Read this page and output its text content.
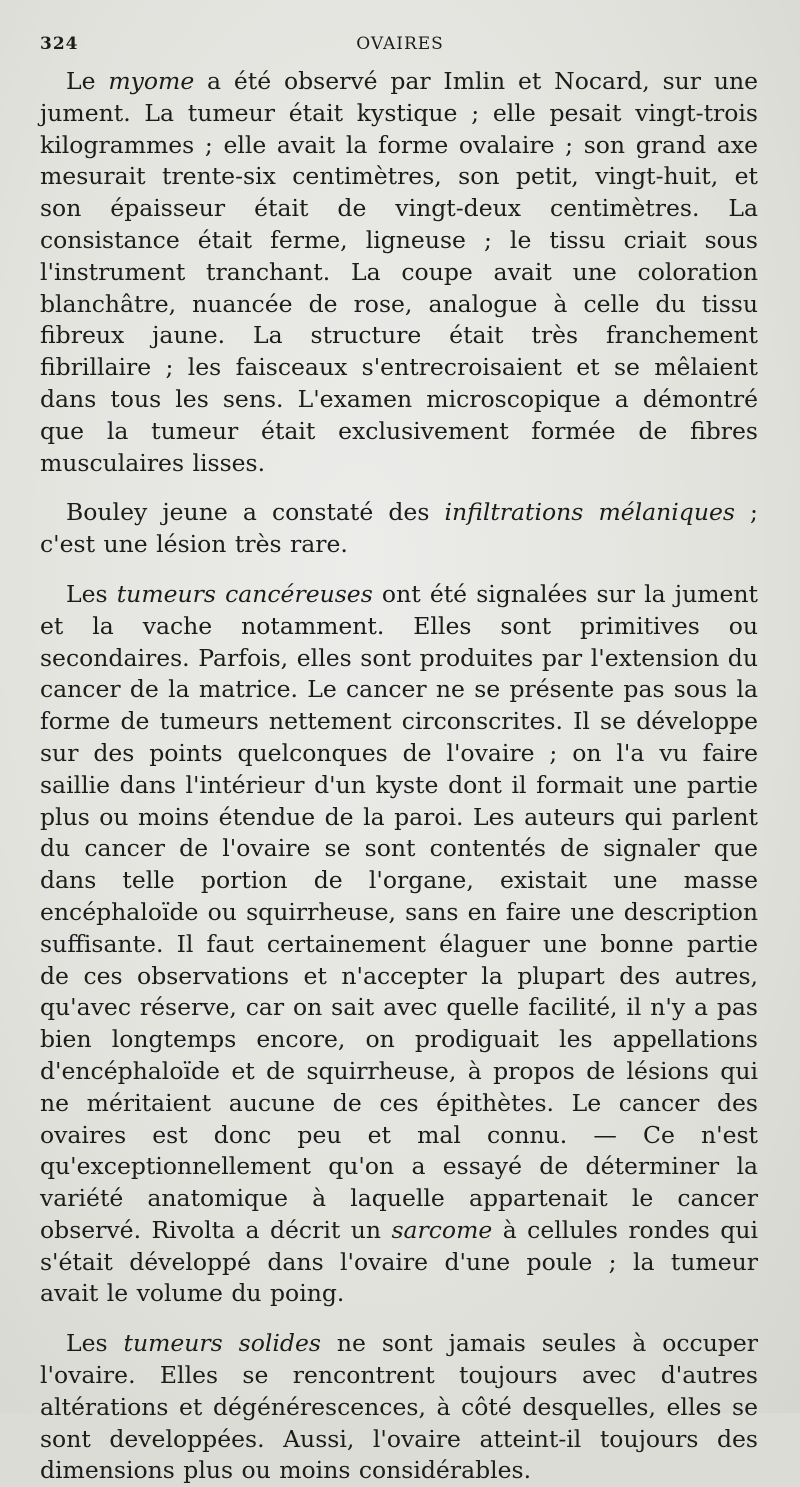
324	OVAIRES

Le myome a été observé par Imlin et Nocard, sur une jument. La tumeur était kystique ; elle pesait vingt-trois kilogrammes ; elle avait la forme ovalaire ; son grand axe mesurait trente-six centimètres, son petit, vingt-huit, et son épaisseur était de vingt-deux centimètres. La consistance était ferme, ligneuse ; le tissu criait sous l'instrument tranchant. La coupe avait une coloration blanchâtre, nuancée de rose, analogue à celle du tissu fibreux jaune. La structure était très franchement fibrillaire ; les faisceaux s'entrecroisaient et se mêlaient dans tous les sens. L'examen microscopique a démontré que la tumeur était exclusivement formée de fibres musculaires lisses.

Bouley jeune a constaté des infiltrations mélaniques ; c'est une lésion très rare.

Les tumeurs cancéreuses ont été signalées sur la jument et la vache notamment. Elles sont primitives ou secondaires. Parfois, elles sont produites par l'extension du cancer de la matrice. Le cancer ne se présente pas sous la forme de tumeurs nettement circonscrites. Il se développe sur des points quelconques de l'ovaire ; on l'a vu faire saillie dans l'intérieur d'un kyste dont il formait une partie plus ou moins étendue de la paroi. Les auteurs qui parlent du cancer de l'ovaire se sont contentés de signaler que dans telle portion de l'organe, existait une masse encéphaloïde ou squirrheuse, sans en faire une description suffisante. Il faut certainement élaguer une bonne partie de ces observations et n'accepter la plupart des autres, qu'avec réserve, car on sait avec quelle facilité, il n'y a pas bien longtemps encore, on prodiguait les appellations d'encéphaloïde et de squirrheuse, à propos de lésions qui ne méritaient aucune de ces épithètes. Le cancer des ovaires est donc peu et mal connu. — Ce n'est qu'exceptionnellement qu'on a essayé de déterminer la variété anatomique à laquelle appartenait le cancer observé. Rivolta a décrit un sarcome à cellules rondes qui s'était développé dans l'ovaire d'une poule ; la tumeur avait le volume du poing.

Les tumeurs solides ne sont jamais seules à occuper l'ovaire. Elles se rencontrent toujours avec d'autres altérations et dégénérescences, à côté desquelles, elles se sont developpées. Aussi, l'ovaire atteint-il toujours des dimensions plus ou moins considérables.
